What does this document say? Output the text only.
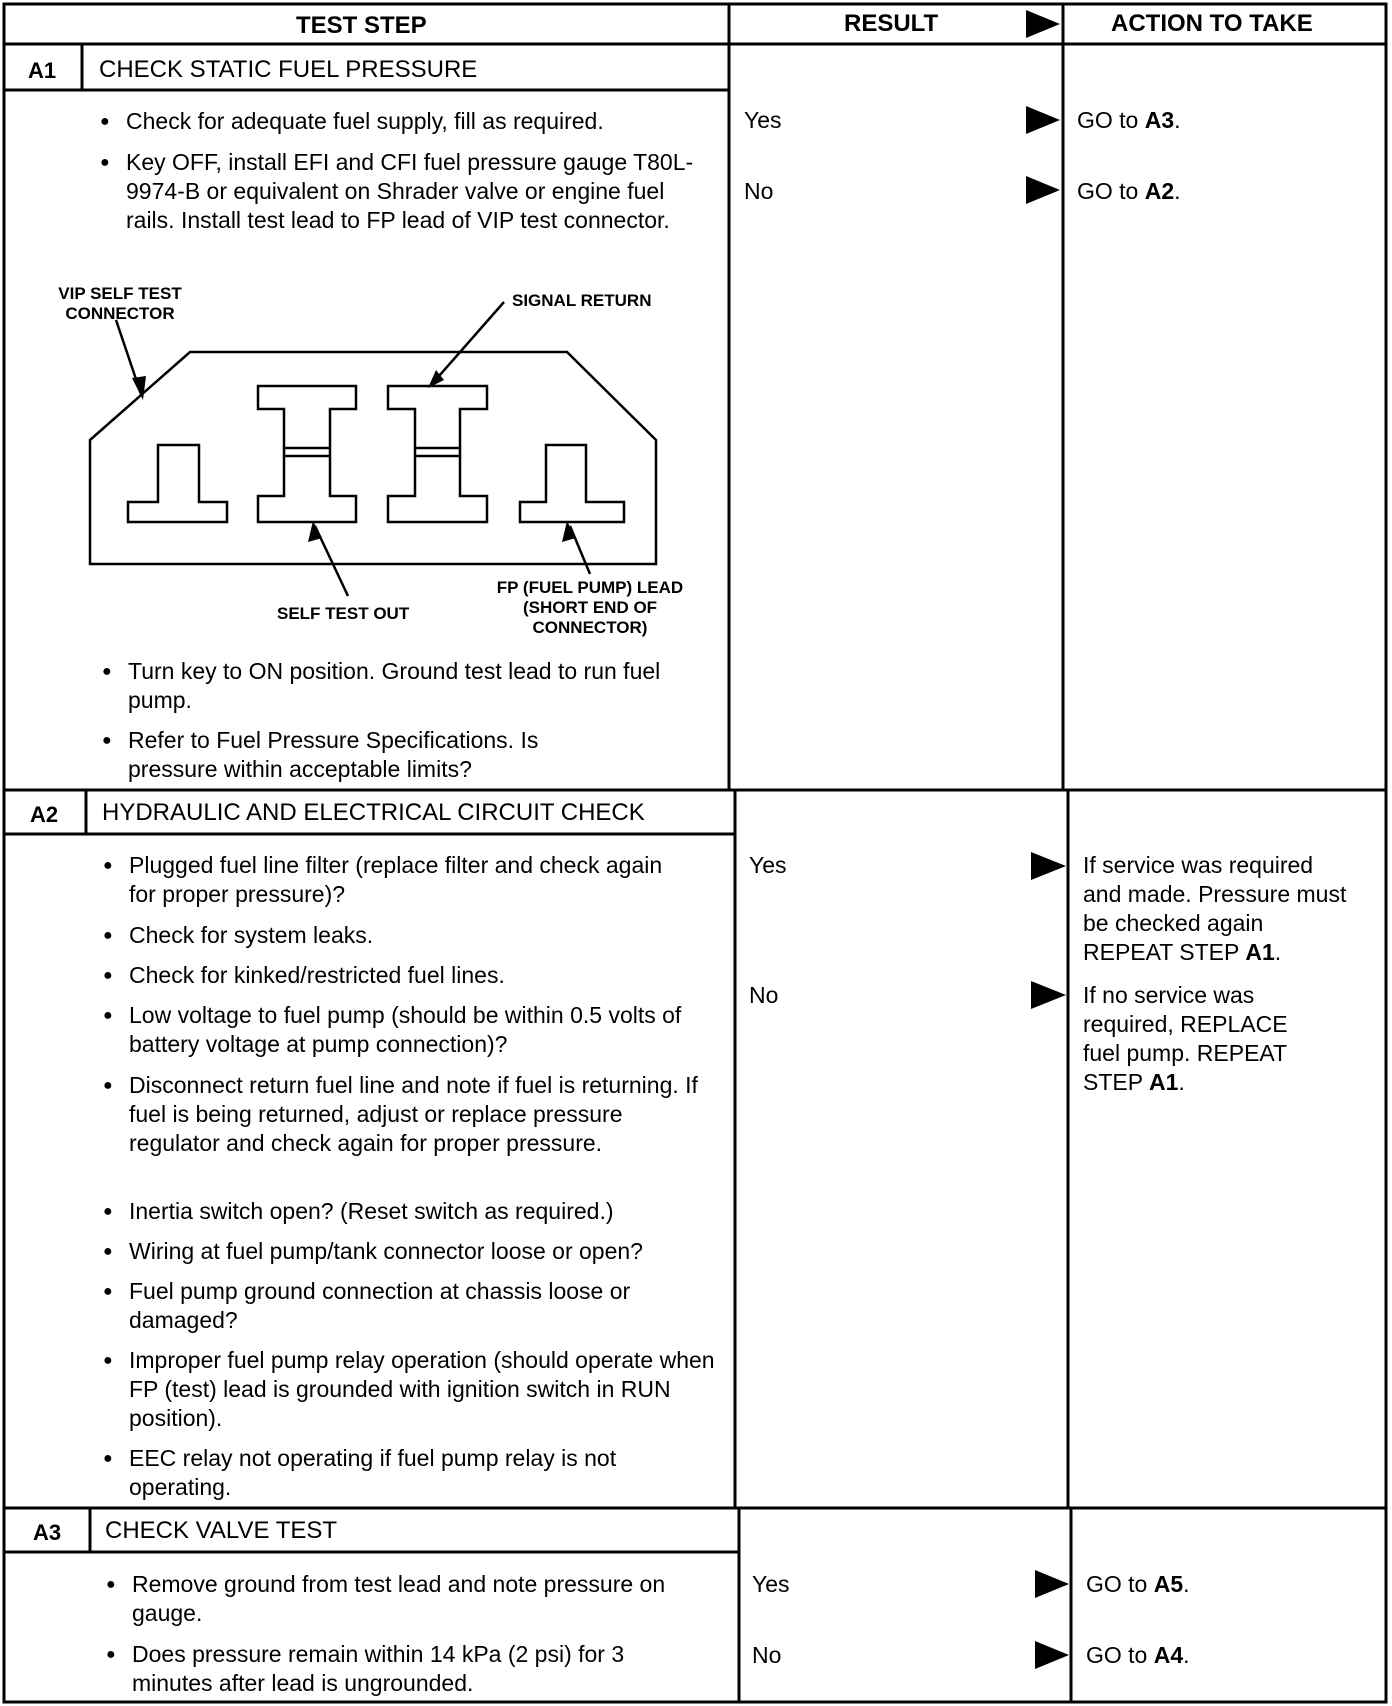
TEST STEP	RESULT	ACTION TO TAKE
A1 CHECK STATIC FUEL PRESSURE
● Check for adequate fuel supply, fill as required.
● Key OFF, install EFI and CFI fuel pressure gauge T80L-9974-B or equivalent on Shrader valve or engine fuel rails. Install test lead to FP lead of VIP test connector.
VIP SELF TEST CONNECTOR
SIGNAL RETURN
SELF TEST OUT
FP (FUEL PUMP) LEAD (SHORT END OF CONNECTOR)
● Turn key to ON position. Ground test lead to run fuel pump.
● Refer to Fuel Pressure Specifications. Is pressure within acceptable limits?
Yes
No
GO to A3.
GO to A2.
A2 HYDRAULIC AND ELECTRICAL CIRCUIT CHECK
● Plugged fuel line filter (replace filter and check again for proper pressure)?
● Check for system leaks.
● Check for kinked/restricted fuel lines.
● Low voltage to fuel pump (should be within 0.5 volts of battery voltage at pump connection)?
● Disconnect return fuel line and note if fuel is returning. If fuel is being returned, adjust or replace pressure regulator and check again for proper pressure.
● Inertia switch open? (Reset switch as required.)
● Wiring at fuel pump/tank connector loose or open?
● Fuel pump ground connection at chassis loose or damaged?
● Improper fuel pump relay operation (should operate when FP (test) lead is grounded with ignition switch in RUN position).
● EEC relay not operating if fuel pump relay is not operating.
Yes
No
If service was required and made. Pressure must be checked again REPEAT STEP A1.
If no service was required, REPLACE fuel pump. REPEAT STEP A1.
A3 CHECK VALVE TEST
● Remove ground from test lead and note pressure on gauge.
● Does pressure remain within 14 kPa (2 psi) for 3 minutes after lead is ungrounded.
Yes
No
GO to A5.
GO to A4.
